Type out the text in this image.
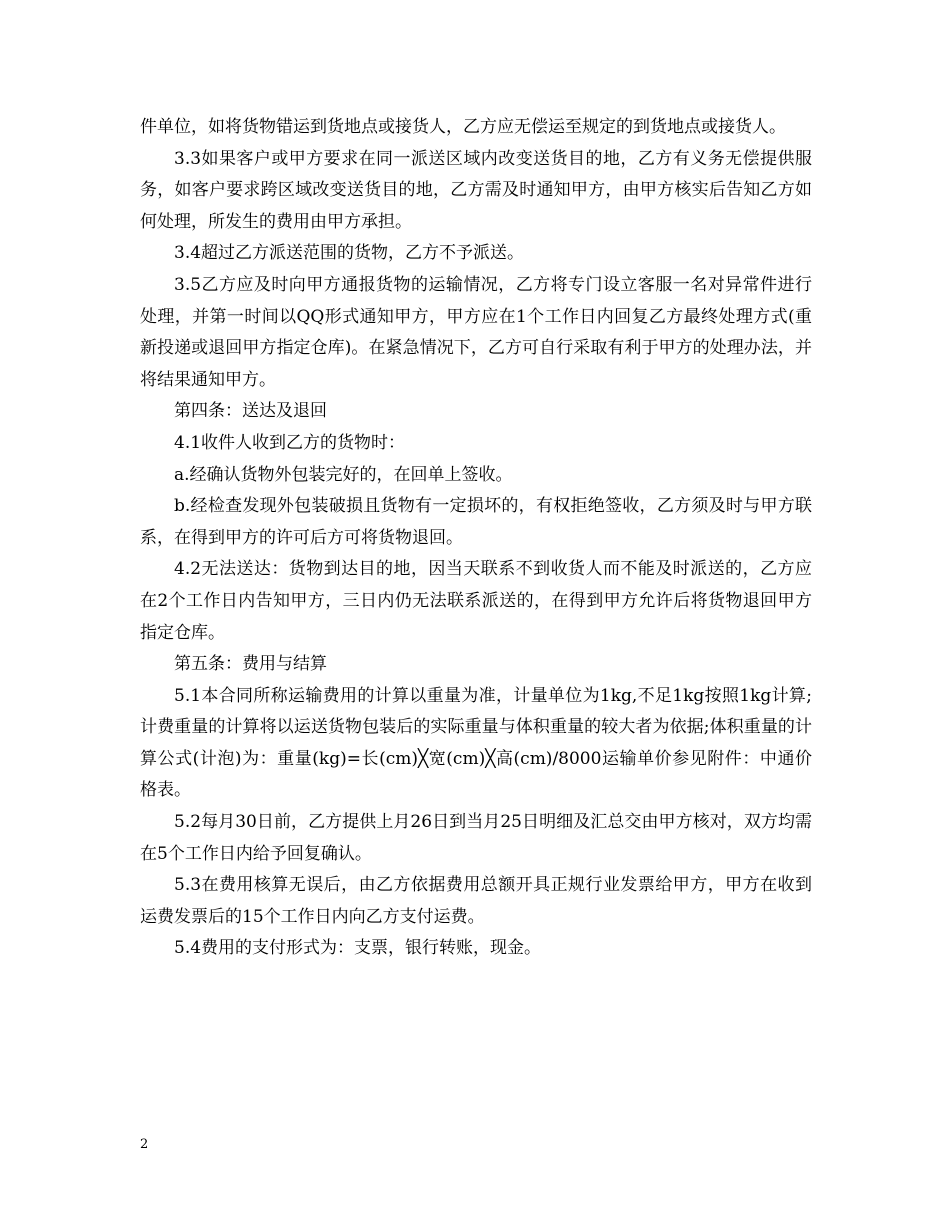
件单位，如将货物错运到货地点或接货人，乙方应无偿运至规定的到货地点或接货人。

3.3如果客户或甲方要求在同一派送区域内改变送货目的地，乙方有义务无偿提供服务，如客户要求跨区域改变送货目的地，乙方需及时通知甲方，由甲方核实后告知乙方如何处理，所发生的费用由甲方承担。

3.4超过乙方派送范围的货物，乙方不予派送。

3.5乙方应及时向甲方通报货物的运输情况，乙方将专门设立客服一名对异常件进行处理，并第一时间以QQ形式通知甲方，甲方应在1个工作日内回复乙方最终处理方式(重新投递或退回甲方指定仓库)。在紧急情况下，乙方可自行采取有利于甲方的处理办法，并将结果通知甲方。

第四条：送达及退回

4.1收件人收到乙方的货物时：

a.经确认货物外包装完好的，在回单上签收。

b.经检查发现外包装破损且货物有一定损坏的，有权拒绝签收，乙方须及时与甲方联系，在得到甲方的许可后方可将货物退回。

4.2无法送达：货物到达目的地，因当天联系不到收货人而不能及时派送的，乙方应在2个工作日内告知甲方，三日内仍无法联系派送的，在得到甲方允许后将货物退回甲方指定仓库。

第五条：费用与结算

5.1本合同所称运输费用的计算以重量为准，计量单位为1kg,不足1kg按照1kg计算;计费重量的计算将以运送货物包装后的实际重量与体积重量的较大者为依据;体积重量的计算公式(计泡)为：重量(kg)=长(cm)╳宽(cm)╳高(cm)/8000运输单价参见附件：中通价格表。

5.2每月30日前，乙方提供上月26日到当月25日明细及汇总交由甲方核对，双方均需在5个工作日内给予回复确认。

5.3在费用核算无误后，由乙方依据费用总额开具正规行业发票给甲方，甲方在收到运费发票后的15个工作日内向乙方支付运费。

5.4费用的支付形式为：支票，银行转账，现金。

2
